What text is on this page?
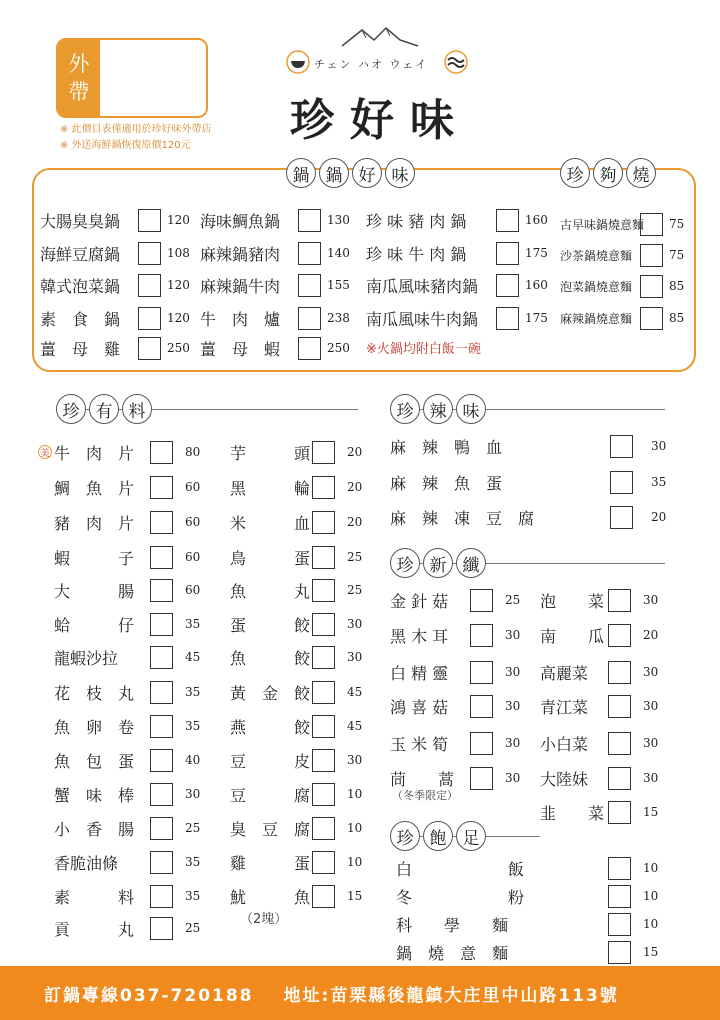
外
帶
※ 此價目表僅適用於珍好味外帶店
※ 外送海鮮鍋恢復原價120元
チェン ハオ ウェイ
珍好味
鍋 鍋 好 味	珍 夠 燒
大腸臭臭鍋	120
海鮮豆腐鍋	108
韓式泡菜鍋	120
素　食　鍋	120
薑　母　雞	250
海味鯛魚鍋	130
麻辣鍋豬肉	140
麻辣鍋牛肉	155
牛　肉　爐	238
薑　母　蝦	250
珍 味 豬 肉 鍋	160
珍 味 牛 肉 鍋	175
南瓜風味豬肉鍋	160
南瓜風味牛肉鍋	175
※火鍋均附白飯一碗
古早味鍋燒意麵 75
沙茶鍋燒意麵	75
泡菜鍋燒意麵	85
麻辣鍋燒意麵	85
珍 有 料
（2塊）
珍 辣 味
珍 新 纖
（冬季限定）
珍 飽 足
訂鍋專線037-720188 地址:苗栗縣後龍鎮大庄里中山路113號
美 牛　肉　片	80
鯛　魚　片	60
豬　肉　片	60
蝦　　　子	60
大　　　腸	60
蛤　　　仔	35
龍蝦沙拉	45
花　枝　丸	35
魚　卵　卷	35
魚　包　蛋	40
蟹　味　棒	30
小　香　腸	25
香脆油條	35
素　　　料	35
貢　　　丸	25
芋　　　頭	20
黑　　　輪	20
米　　　血	20
鳥　　　蛋	25
魚　　　丸	25
蛋　　　餃	30
魚　　　餃	30
黃　金　餃	45
燕　　　餃	45
豆　　　皮	30
豆　　　腐	10
臭　豆　腐	10
雞　　　蛋	10
魷　　　魚	15
麻　辣　鴨　血	30
麻　辣　魚　蛋	35
麻　辣　凍　豆　腐	20
金 針 菇	25
黑 木 耳	30
白 精 靈	30
鴻 喜 菇	30
玉 米 筍	30
茼　　蒿	30
泡　　菜	30
南　　瓜	20
高麗菜	30
青江菜	30
小白菜	30
大陸妹	30
韭　　菜	15
白　　　　　　飯	10
冬　　　　　　粉	10
科　　學　　麵	10
鍋　燒　意　麵	15
